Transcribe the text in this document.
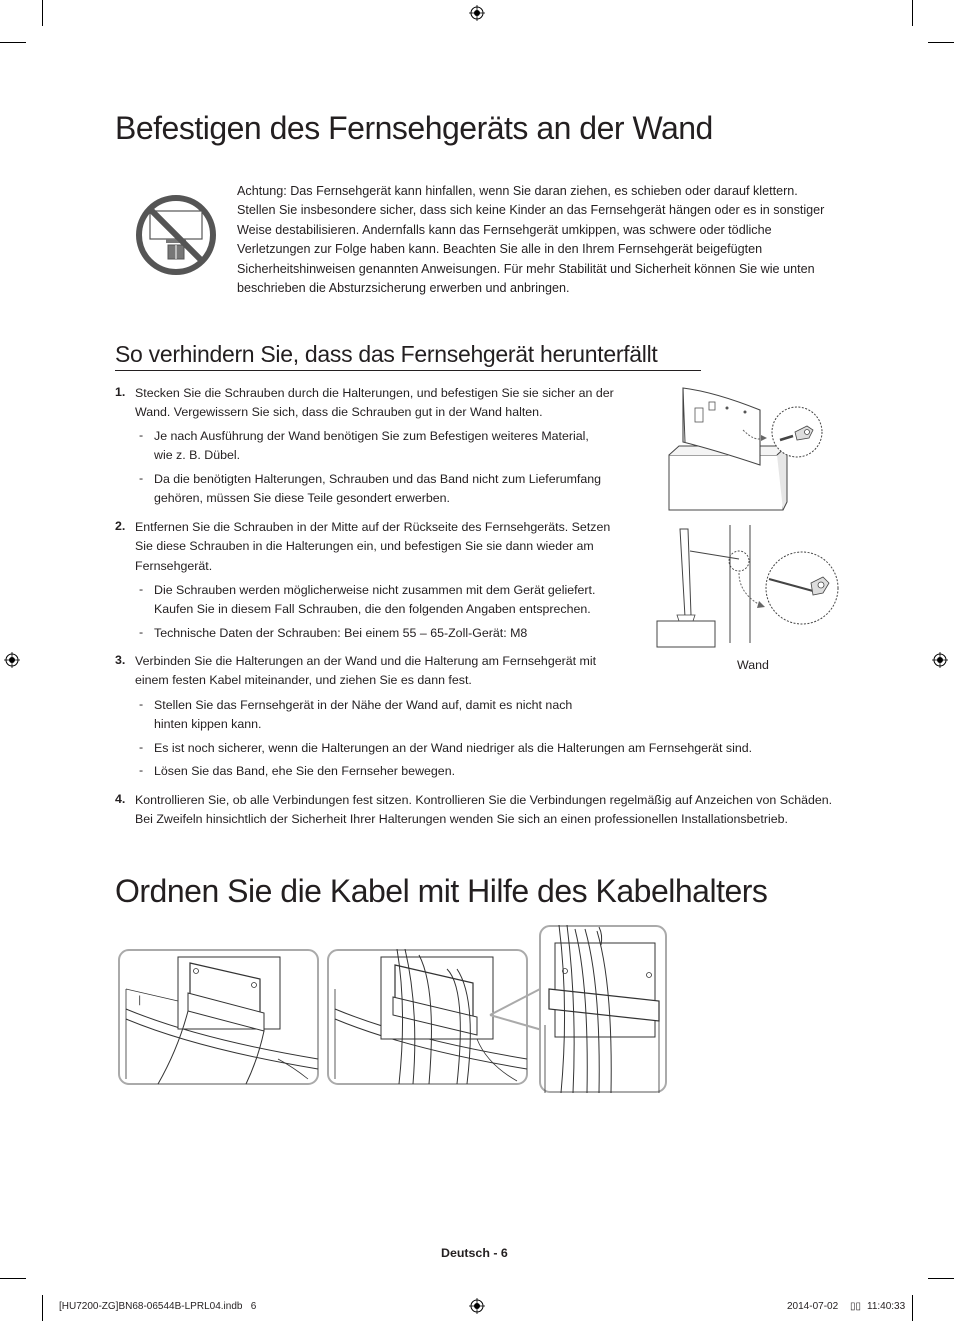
Befestigen des Fernsehgeräts an der Wand
Achtung: Das Fernsehgerät kann hinfallen, wenn Sie daran ziehen, es schieben oder darauf klettern. Stellen Sie insbesondere sicher, dass sich keine Kinder an das Fernsehgerät hängen oder es in sonstiger Weise destabilisieren. Andernfalls kann das Fernsehgerät umkippen, was schwere oder tödliche Verletzungen zur Folge haben kann. Beachten Sie alle in den Ihrem Fernsehgerät beigefügten Sicherheitshinweisen genannten Anweisungen. Für mehr Stabilität und Sicherheit können Sie wie unten beschrieben die Absturzsicherung erwerben und anbringen.
So verhindern Sie, dass das Fernsehgerät herunterfällt
1. Stecken Sie die Schrauben durch die Halterungen, und befestigen Sie sie sicher an der
Wand. Vergewissern Sie sich, dass die Schrauben gut in der Wand halten.
- Je nach Ausführung der Wand benötigen Sie zum Befestigen weiteres Material,
wie z. B. Dübel.
- Da die benötigten Halterungen, Schrauben und das Band nicht zum Lieferumfang
gehören, müssen Sie diese Teile gesondert erwerben.
2. Entfernen Sie die Schrauben in der Mitte auf der Rückseite des Fernsehgeräts. Setzen
Sie diese Schrauben in die Halterungen ein, und befestigen Sie sie dann wieder am
Fernsehgerät.
- Die Schrauben werden möglicherweise nicht zusammen mit dem Gerät geliefert.
Kaufen Sie in diesem Fall Schrauben, die den folgenden Angaben entsprechen.
- Technische Daten der Schrauben: Bei einem 55 – 65-Zoll-Gerät: M8
3. Verbinden Sie die Halterungen an der Wand und die Halterung am Fernsehgerät mit
einem festen Kabel miteinander, und ziehen Sie es dann fest.
- Stellen Sie das Fernsehgerät in der Nähe der Wand auf, damit es nicht nach
hinten kippen kann.
- Es ist noch sicherer, wenn die Halterungen an der Wand niedriger als die Halterungen am Fernsehgerät sind.
- Lösen Sie das Band, ehe Sie den Fernseher bewegen.
4. Kontrollieren Sie, ob alle Verbindungen fest sitzen. Kontrollieren Sie die Verbindungen regelmäßig auf Anzeichen von Schäden.
Bei Zweifeln hinsichtlich der Sicherheit Ihrer Halterungen wenden Sie sich an einen professionellen Installationsbetrieb.
Wand
Ordnen Sie die Kabel mit Hilfe des Kabelhalters
|
Deutsch - 6
[HU7200-ZG]BN68-06544B-LPRL04.indb   6	2014-07-02 ▯▯ 11:40:33
